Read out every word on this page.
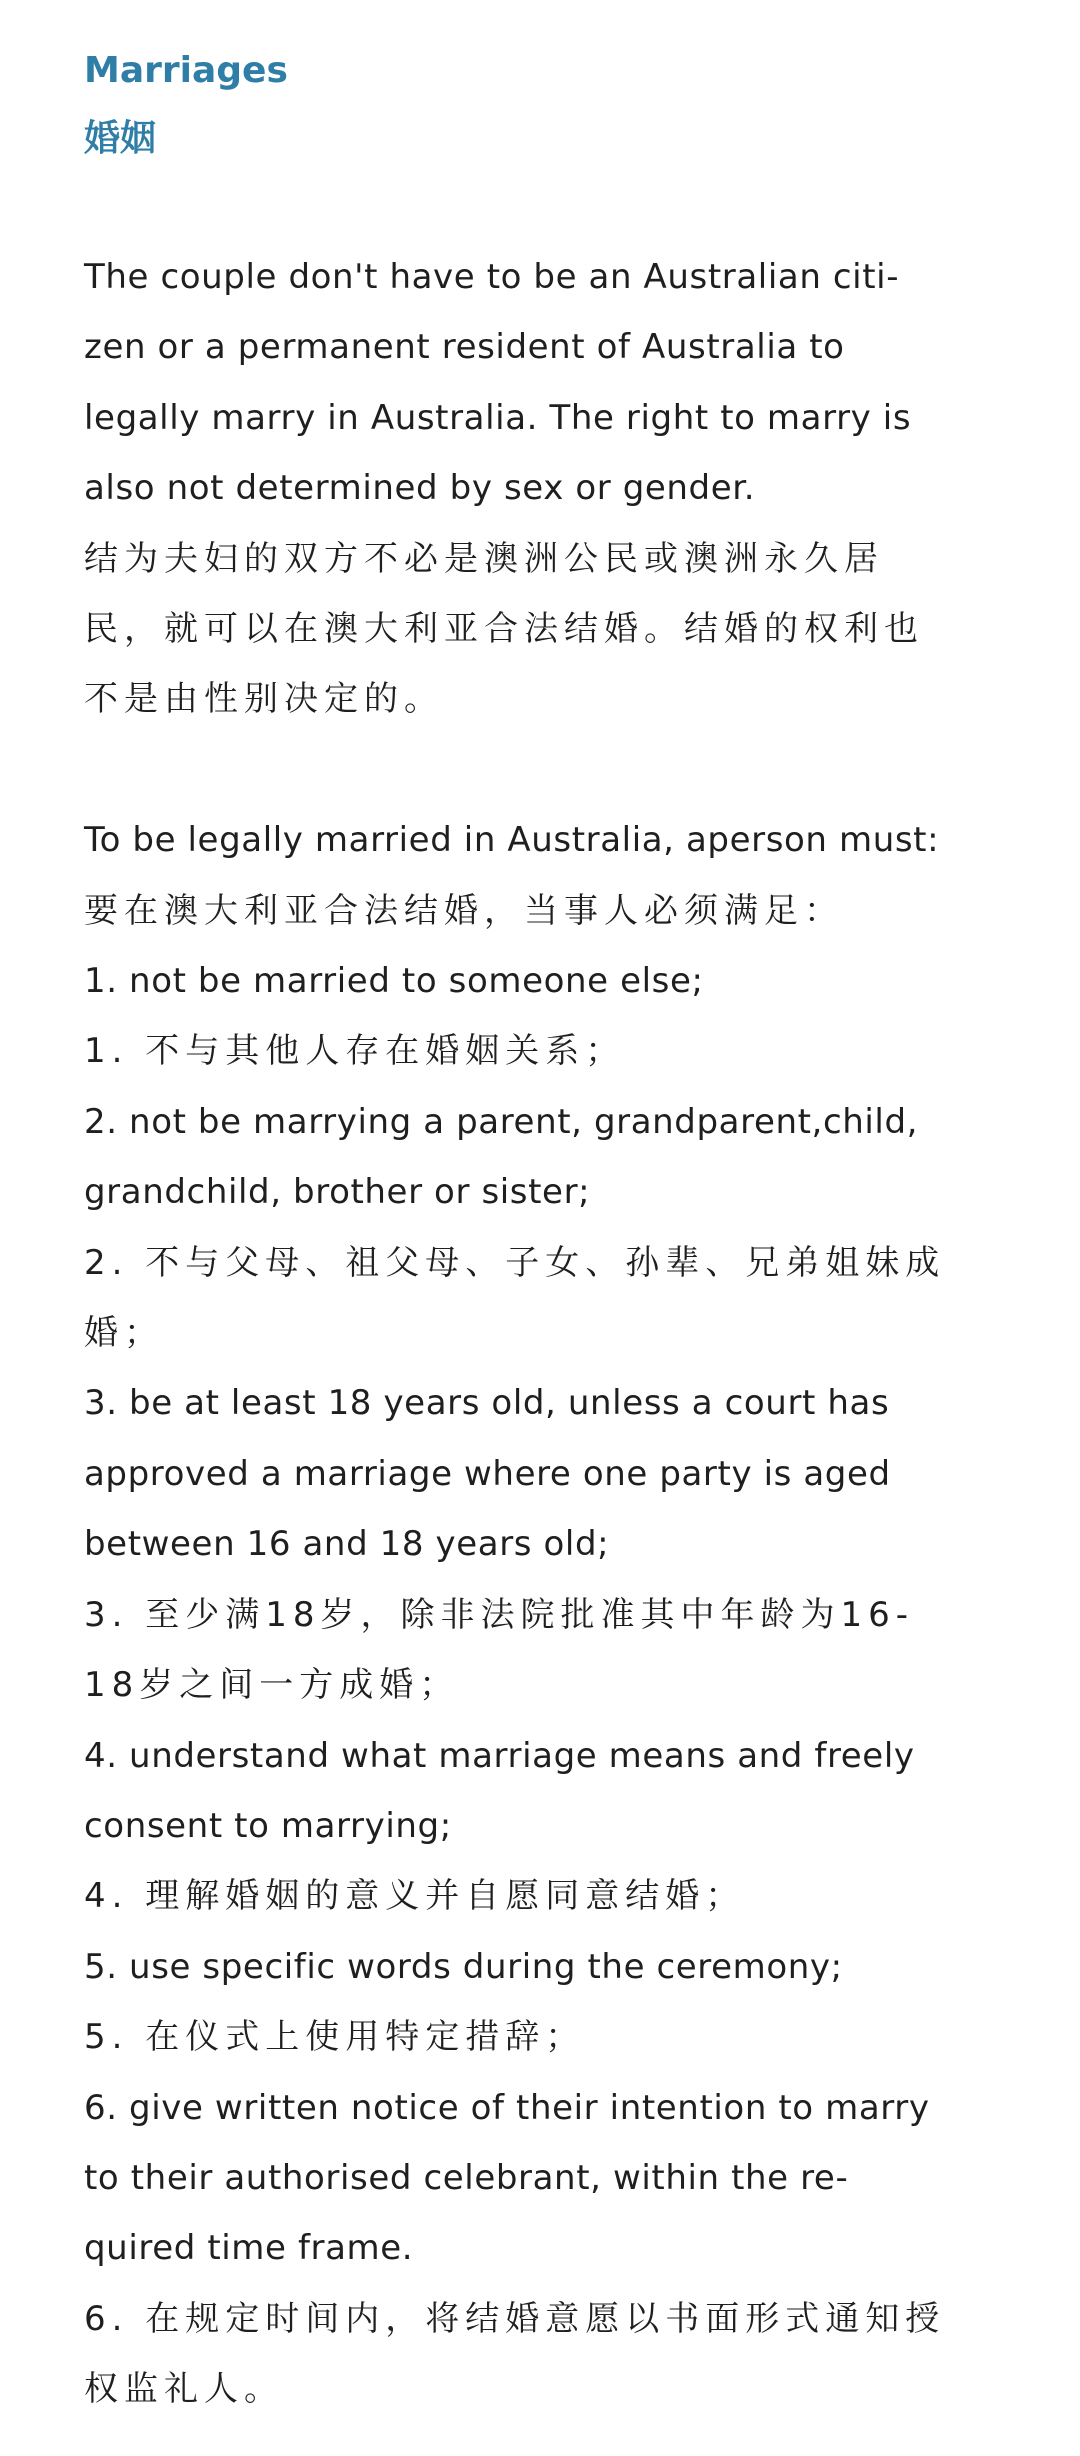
Marriages

婚姻

The couple don't have to be an Australian citi-

zen or a permanent resident of Australia to

legally marry in Australia. The right to marry is

also not determined by sex or gender.

结为夫妇的双方不必是澳洲公民或澳洲永久居

民，就可以在澳大利亚合法结婚。结婚的权利也

不是由性别决定的。

To be legally married in Australia, aperson must:

要在澳大利亚合法结婚，当事人必须满足：

1. not be married to someone else;

1. 不与其他人存在婚姻关系；

2. not be marrying a parent, grandparent,child,

grandchild, brother or sister;

2. 不与父母、祖父母、子女、孙辈、兄弟姐妹成

婚；

3. be at least 18 years old, unless a court has

approved a marriage where one party is aged

between 16 and 18 years old;

3. 至少满18岁，除非法院批准其中年龄为16-

18岁之间一方成婚；

4. understand what marriage means and freely

consent to marrying;

4. 理解婚姻的意义并自愿同意结婚；

5. use specific words during the ceremony;

5. 在仪式上使用特定措辞；

6. give written notice of their intention to marry

to their authorised celebrant, within the re-

quired time frame.

6. 在规定时间内，将结婚意愿以书面形式通知授

权监礼人。
